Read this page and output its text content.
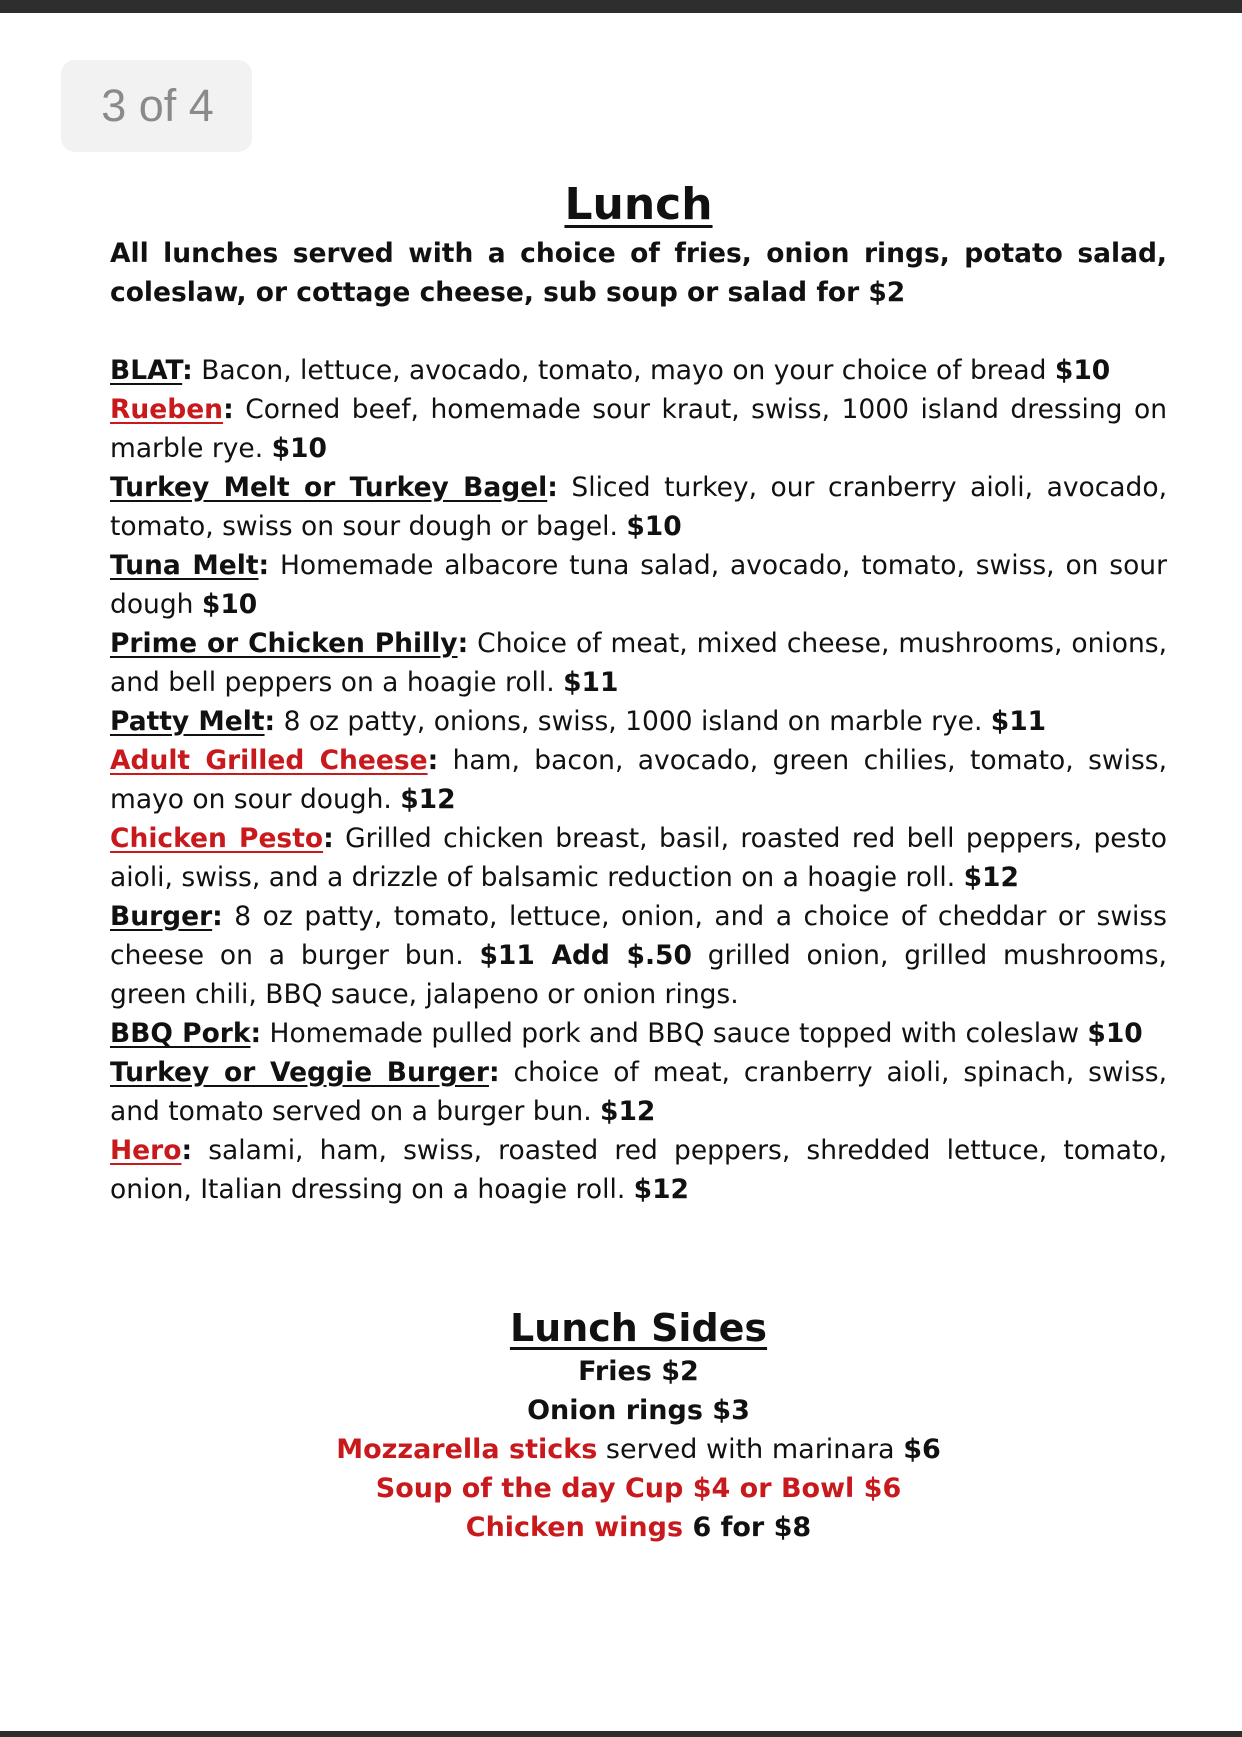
3 of 4
Lunch

All lunches served with a choice of fries, onion rings, potato salad, coleslaw, or cottage cheese, sub soup or salad for $2

BLAT: Bacon, lettuce, avocado, tomato, mayo on your choice of bread $10

Rueben: Corned beef, homemade sour kraut, swiss, 1000 island dressing on marble rye. $10

Turkey Melt or Turkey Bagel: Sliced turkey, our cranberry aioli, avocado, tomato, swiss on sour dough or bagel. $10

Tuna Melt: Homemade albacore tuna salad, avocado, tomato, swiss, on sour dough $10

Prime or Chicken Philly: Choice of meat, mixed cheese, mushrooms, onions, and bell peppers on a hoagie roll. $11

Patty Melt: 8 oz patty, onions, swiss, 1000 island on marble rye. $11

Adult Grilled Cheese: ham, bacon, avocado, green chilies, tomato, swiss, mayo on sour dough. $12

Chicken Pesto: Grilled chicken breast, basil, roasted red bell peppers, pesto aioli, swiss, and a drizzle of balsamic reduction on a hoagie roll. $12

Burger: 8 oz patty, tomato, lettuce, onion, and a choice of cheddar or swiss cheese on a burger bun. $11 Add $.50 grilled onion, grilled mushrooms, green chili, BBQ sauce, jalapeno or onion rings.

BBQ Pork: Homemade pulled pork and BBQ sauce topped with coleslaw $10

Turkey or Veggie Burger: choice of meat, cranberry aioli, spinach, swiss, and tomato served on a burger bun. $12

Hero: salami, ham, swiss, roasted red peppers, shredded lettuce, tomato, onion, Italian dressing on a hoagie roll. $12

Lunch Sides

Fries $2

Onion rings $3

Mozzarella sticks served with marinara $6

Soup of the day Cup $4 or Bowl $6

Chicken wings 6 for $8
